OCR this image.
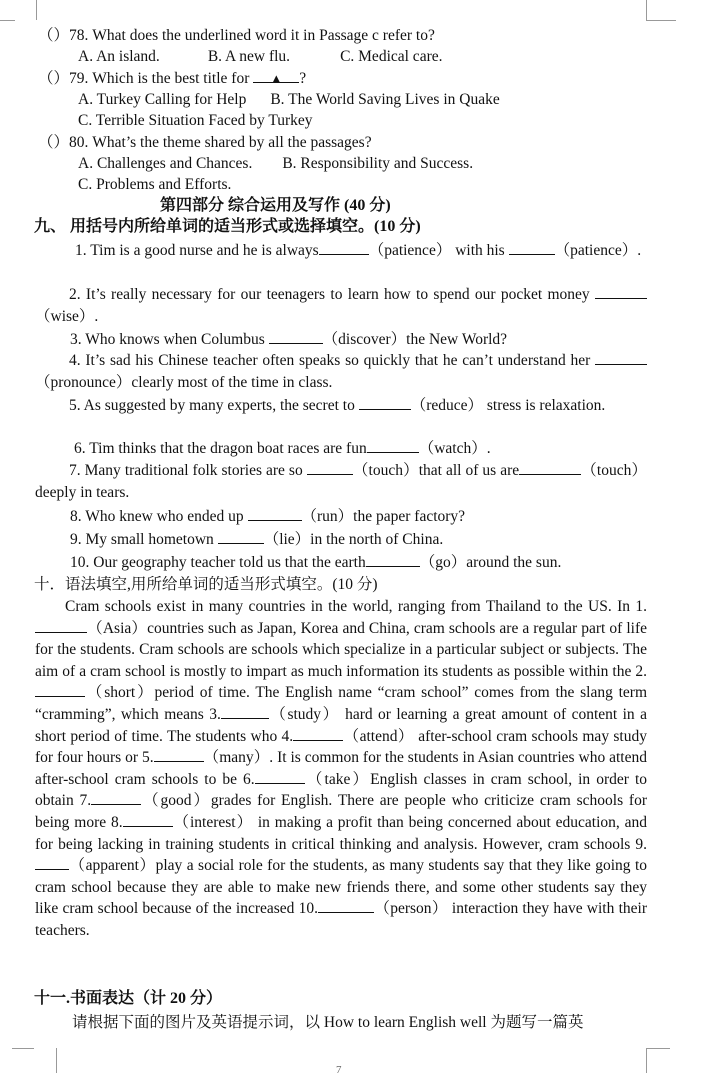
（）78. What does the underlined word it in Passage c refer to?
A. An island.	B. A new flu.	C. Medical care.
（）79. Which is the best title for ▲ ?
A. Turkey Calling for Help B. The World Saving Lives in Quake
C. Terrible Situation Faced by Turkey
（）80. What’s the theme shared by all the passages?
A. Challenges and Chances. B. Responsibility and Success.
C. Problems and Efforts.
第四部分 综合运用及写作 (40 分)
九、 用括号内所给单词的适当形式或选择填空。(10 分)
1. Tim is a good nurse and he is always	（patience） with his	（patience）.
2. It’s really necessary for our teenagers to learn how to spend our pocket money （wise）.
3. Who knows when Columbus	（discover）the New World?
4. It’s sad his Chinese teacher often speaks so quickly that he can’t understand her （pronounce）clearly most of the time in class.
5. As suggested by many experts, the secret to	（reduce） stress is relaxation.
6. Tim thinks that the dragon boat races are fun	（watch）.
7. Many traditional folk stories are so	（touch）that all of us are	（touch）deeply in tears.
8. Who knew who ended up	（run）the paper factory?
9. My small hometown	（lie）in the north of China.
10. Our geography teacher told us that the earth	（go）around the sun.
十．语法填空,用所给单词的适当形式填空。(10 分)
Cram schools exist in many countries in the world, ranging from Thailand to the US. In 1.（Asia）countries such as Japan, Korea and China, cram schools are a regular part of life for the students. Cram schools are schools which specialize in a particular subject or subjects. The aim of a cram school is mostly to impart as much information its students as possible within the 2.（short）period of time. The English name “cram school” comes from the slang term “cramming”, which means 3.	（study） hard or learning a great amount of content in a short period of time. The students who 4.	（attend） after-school cram schools may study for four hours or 5.	（many）. It is common for the students in Asian countries who attend after-school cram schools to be 6.	（take）English classes in cram school, in order to obtain 7.	（good）grades for English. There are people who criticize cram schools for being more 8.	（interest） in making a profit than being concerned about education, and for being lacking in training students in critical thinking and analysis. However, cram schools 9.（apparent）play a social role for the students, as many students say that they like going to cram school because they are able to make new friends there, and some other students say they like cram school because of the increased 10.	（person） interaction they have with their teachers.
十一.书面表达（计 20 分）
请根据下面的图片及英语提示词，以 How to learn English well 为题写一篇英
7
